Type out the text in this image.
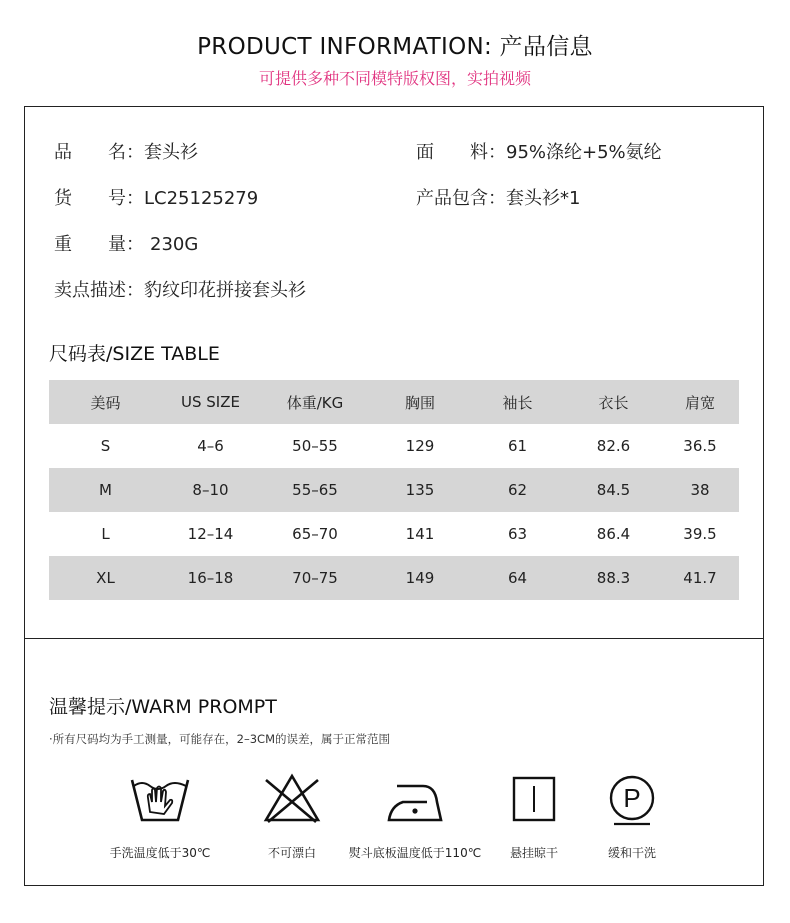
PRODUCT INFORMATION: 产品信息
可提供多种不同模特版权图，实拍视频
品　　名：套头衫	面　　料：95%涤纶+5%氨纶
货　　号：LC25125279	产品包含：套头衫*1
重　　量： 230G
卖点描述：豹纹印花拼接套头衫
尺码表/SIZE TABLE
美码	US SIZE	体重/KG	胸围	袖长	衣长	肩宽
S	4–6	50–55	129	61	82.6	36.5
M	8–10	55–65	135	62	84.5	38
L	12–14	65–70	141	63	86.4	39.5
XL	16–18	70–75	149	64	88.3	41.7
温馨提示/WARM PROMPT
·所有尺码均为手工测量，可能存在，2–3CM的误差，属于正常范围
手洗温度低于30℃	不可漂白	熨斗底板温度低于110℃	悬挂晾干
P
缓和干洗
